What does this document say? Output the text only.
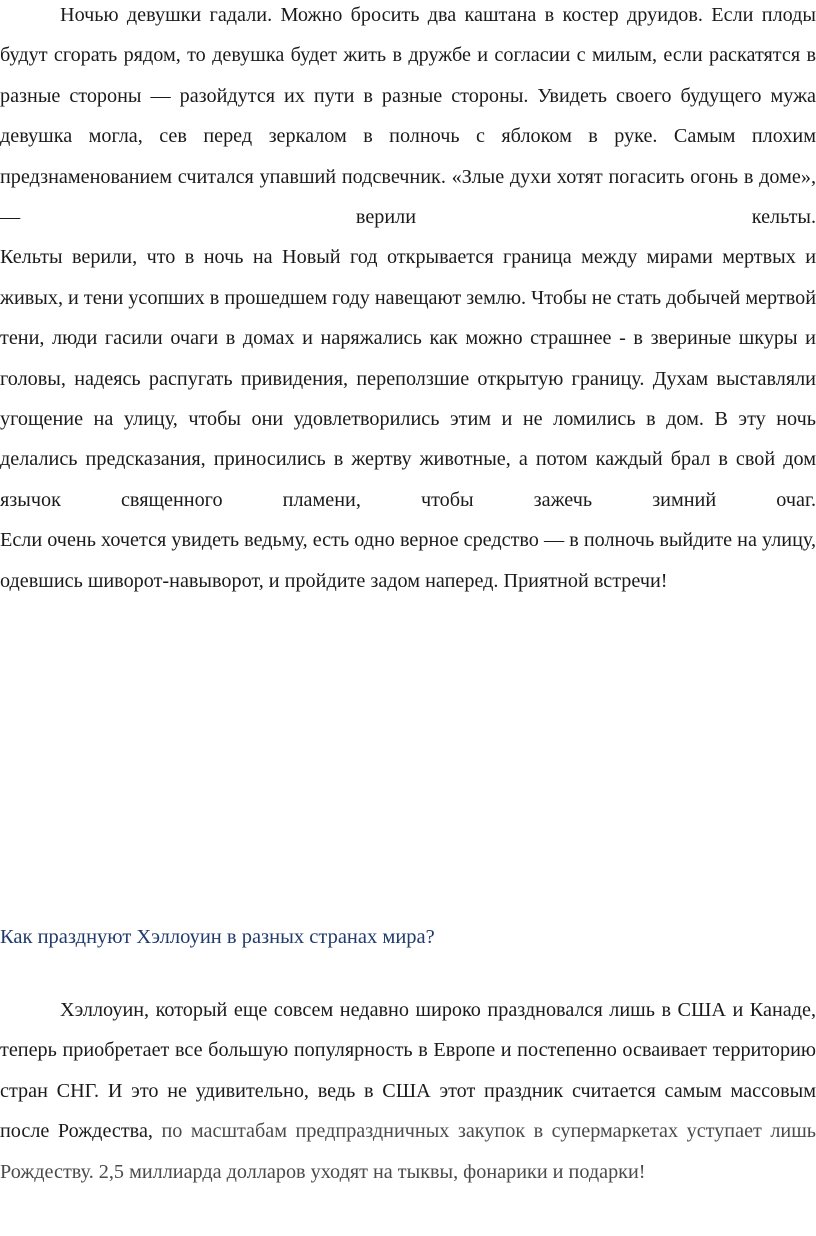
Ночью девушки гадали. Можно бросить два каштана в костер друидов. Если плоды будут сгорать рядом, то девушка будет жить в дружбе и согласии с милым, если раскатятся в разные стороны — разойдутся их пути в разные стороны. Увидеть своего будущего мужа девушка могла, сев перед зеркалом в полночь с яблоком в руке. Самым плохим предзнаменованием считался упавший подсвечник. «Злые духи хотят погасить огонь в доме», — верили кельты.

Кельты верили, что в ночь на Новый год открывается граница между мирами мертвых и живых, и тени усопших в прошедшем году навещают землю. Чтобы не стать добычей мертвой тени, люди гасили очаги в домах и наряжались как можно страшнее - в звериные шкуры и головы, надеясь распугать привидения, переползшие открытую границу. Духам выставляли угощение на улицу, чтобы они удовлетворились этим и не ломились в дом. В эту ночь делались предсказания, приносились в жертву животные, а потом каждый брал в свой дом язычок священного пламени, чтобы зажечь зимний очаг.

Если очень хочется увидеть ведьму, есть одно верное средство — в полночь выйдите на улицу, одевшись шиворот-навыворот, и пройдите задом наперед. Приятной встречи!

Как празднуют Хэллоуин в разных странах мира?

Хэллоуин, который еще совсем недавно широко праздновался лишь в США и Канаде, теперь приобретает все большую популярность в Европе и постепенно осваивает территорию стран СНГ. И это не удивительно, ведь в США этот праздник считается самым массовым после Рождества, по масштабам предпраздничных закупок в супермаркетах уступает лишь Рождеству. 2,5 миллиарда долларов уходят на тыквы, фонарики и подарки!
